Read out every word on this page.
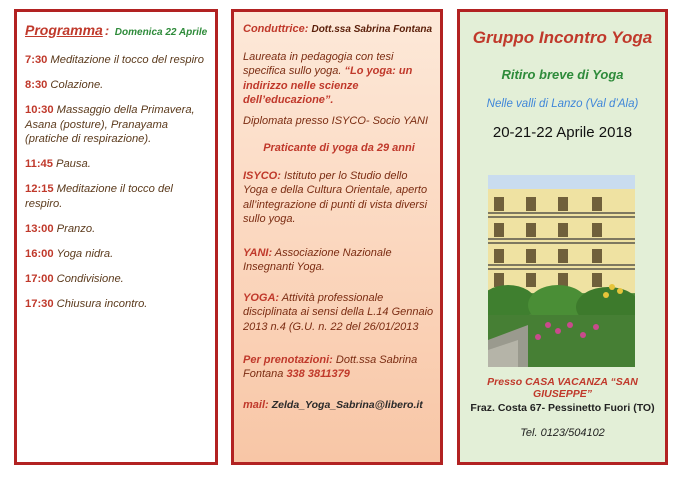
Programma : Domenica 22 Aprile
7:30 Meditazione il tocco del respiro
8:30 Colazione.
10:30 Massaggio della Primavera, Asana (posture), Pranayama (pratiche di respirazione).
11:45 Pausa.
12:15 Meditazione il tocco del respiro.
13:00 Pranzo.
16:00 Yoga nidra.
17:00 Condivisione.
17:30 Chiusura incontro.
Conduttrice: Dott.ssa Sabrina Fontana
Laureata in pedagogia con tesi specifica sullo yoga. “Lo yoga: un indirizzo nelle scienze dell’educazione”.
Diplomata presso ISYCO- Socio YANI
Praticante di yoga da 29 anni
ISYCO: Istituto per lo Studio dello Yoga e della Cultura Orientale, aperto all’integrazione di punti di vista diversi sullo yoga.
YANI: Associazione Nazionale Insegnanti Yoga.
YOGA: Attività professionale disciplinata ai sensi della L.14 Gennaio 2013 n.4 (G.U. n. 22 del 26/01/2013
Per prenotazioni: Dott.ssa Sabrina Fontana 338 3811379
mail: Zelda_Yoga_Sabrina@libero.it
Gruppo Incontro Yoga
Ritiro breve di Yoga
Nelle valli di Lanzo (Val d’Ala)
20-21-22 Aprile 2018
Presso CASA VACANZA “SAN GIUSEPPE”
Fraz. Costa 67- Pessinetto Fuori (TO)
Tel. 0123/504102
